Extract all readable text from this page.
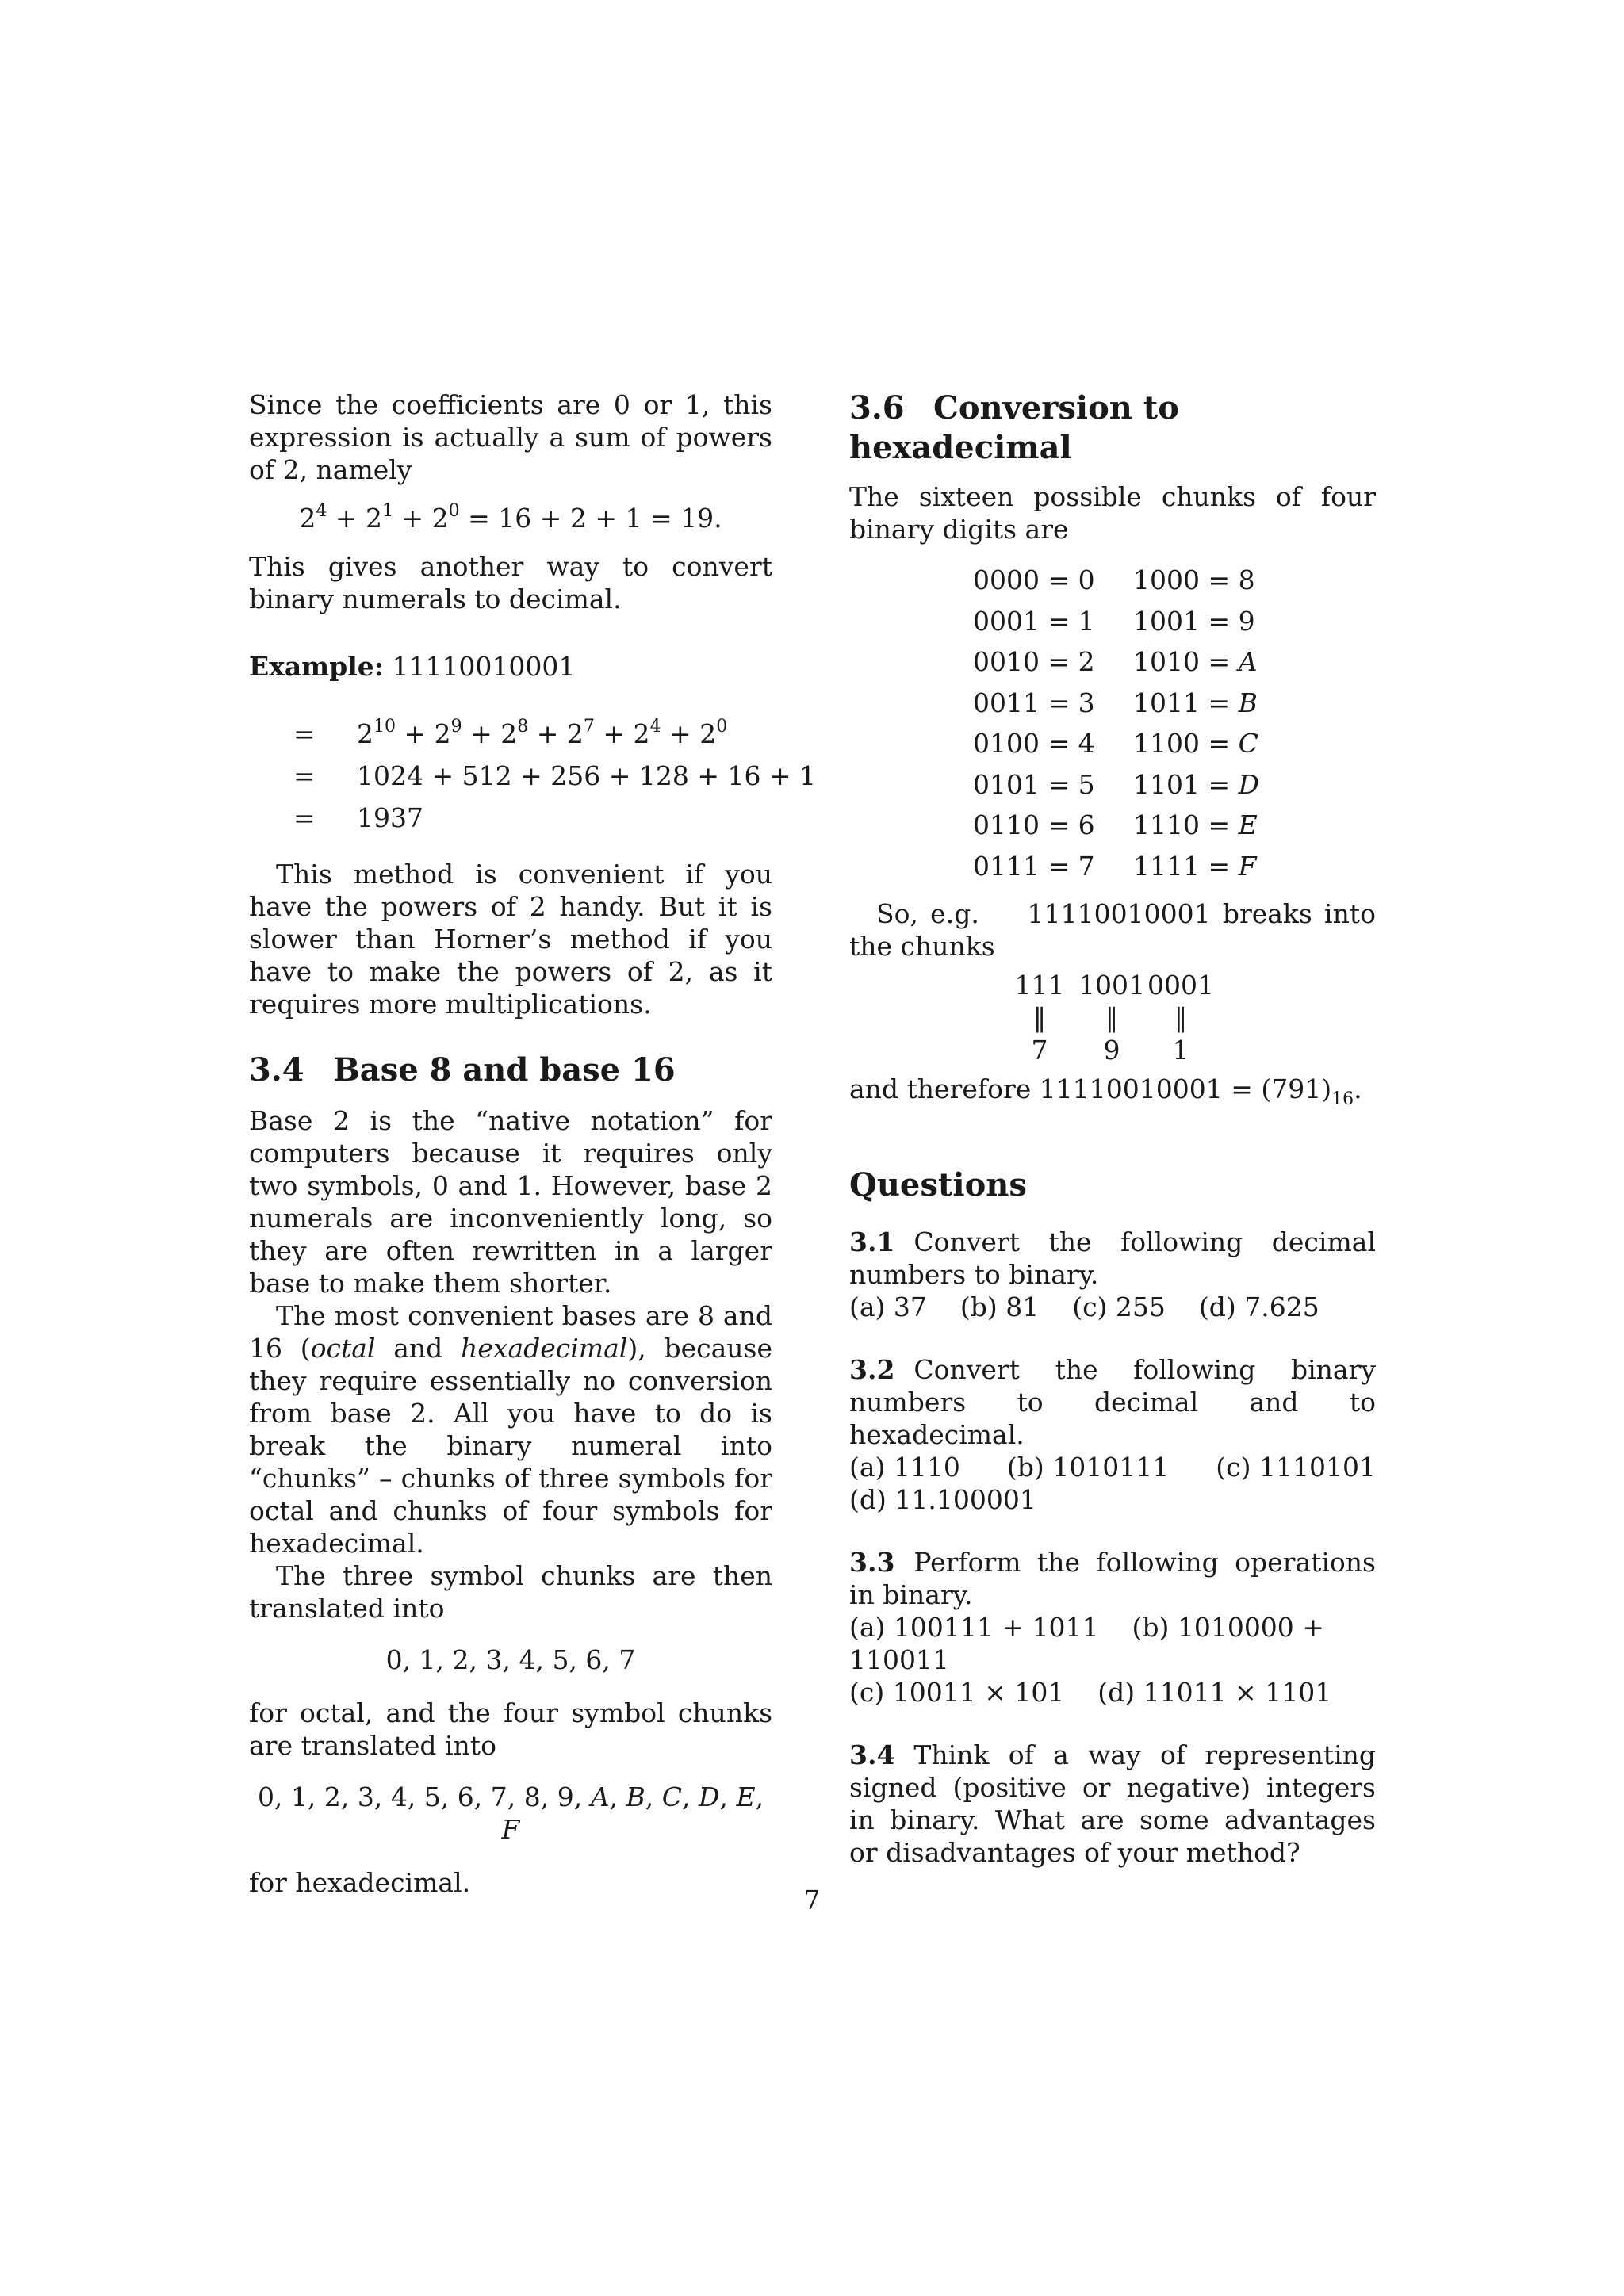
Since the coefficients are 0 or 1, this expression is actually a sum of powers of 2, namely

$2^4 + 2^1 + 2^0 = 16 + 2 + 1 = 19$.

This gives another way to convert binary numerals to decimal.

Example: 11110010001

= $2^{10} + 2^9 + 2^8 + 2^7 + 2^4 + 2^0$
= 1024 + 512 + 256 + 128 + 16 + 1
= 1937

This method is convenient if you have the powers of 2 handy. But it is slower than Horner’s method if you have to make the powers of 2, as it requires more multiplications.

3.4 Base 8 and base 16

Base 2 is the “native notation” for computers because it requires only two symbols, 0 and 1. However, base 2 numerals are inconveniently long, so they are often rewritten in a larger base to make them shorter.

The most convenient bases are 8 and 16 (octal and hexadecimal), because they require essentially no conversion from base 2. All you have to do is break the binary numeral into “chunks” – chunks of three symbols for octal and chunks of four symbols for hexadecimal.

The three symbol chunks are then translated into

0, 1, 2, 3, 4, 5, 6, 7

for octal, and the four symbol chunks are translated into

0, 1, 2, 3, 4, 5, 6, 7, 8, 9, A, B, C, D, E, F

for hexadecimal.

3.6 Conversion to hexadecimal

The sixteen possible chunks of four binary digits are

0000 = 0	1000 = 8
0001 = 1	1001 = 9
0010 = 2	1010 = A
0011 = 3	1011 = B
0100 = 4	1100 = C
0101 = 5	1101 = D
0110 = 6	1110 = E
0111 = 7	1111 = F

So, e.g.    11110010001 breaks into the chunks

111 1001 0001
‖ ‖ ‖
7 9 1

and therefore $11110010001 = (791)_{16}$.

Questions

3.1 Convert the following decimal numbers to binary.

(a) 37 (b) 81 (c) 255 (d) 7.625

3.2 Convert the following binary numbers to decimal and to hexadecimal.

(a) 1110 (b) 1010111 (c) 1110101

(d) 11.100001

3.3 Perform the following operations in binary.

(a) 100111 + 1011 (b) 1010000 + 110011

(c) 10011 × 101 (d) 11011 × 1101

3.4 Think of a way of representing signed (positive or negative) integers in binary. What are some advantages or disadvantages of your method?

7
